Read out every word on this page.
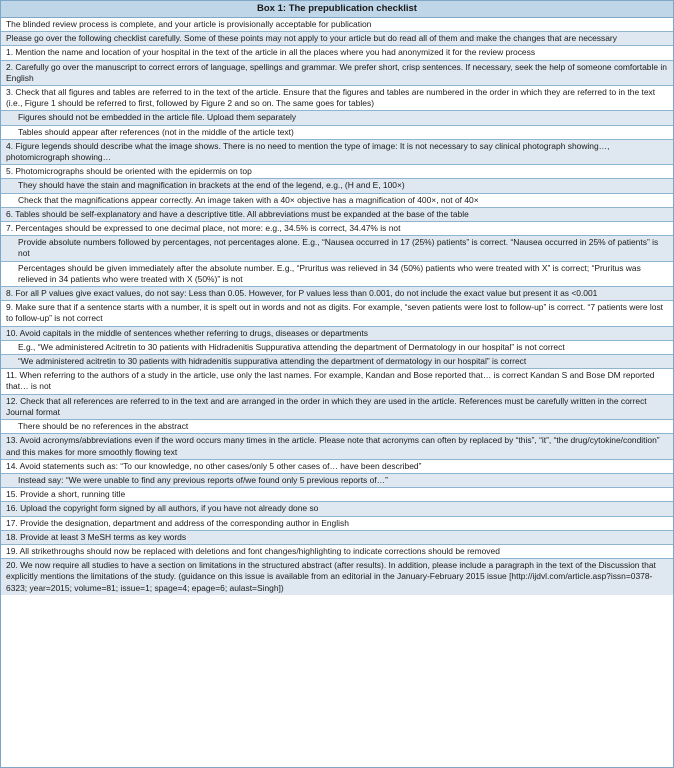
Box 1: The prepublication checklist
The blinded review process is complete, and your article is provisionally acceptable for publication
Please go over the following checklist carefully. Some of these points may not apply to your article but do read all of them and make the changes that are necessary
1. Mention the name and location of your hospital in the text of the article in all the places where you had anonymized it for the review process
2. Carefully go over the manuscript to correct errors of language, spellings and grammar. We prefer short, crisp sentences. If necessary, seek the help of someone comfortable in English
3. Check that all figures and tables are referred to in the text of the article. Ensure that the figures and tables are numbered in the order in which they are referred to in the text (i.e., Figure 1 should be referred to first, followed by Figure 2 and so on. The same goes for tables)
Figures should not be embedded in the article file. Upload them separately
Tables should appear after references (not in the middle of the article text)
4. Figure legends should describe what the image shows. There is no need to mention the type of image: It is not necessary to say clinical photograph showing…, photomicrograph showing…
5. Photomicrographs should be oriented with the epidermis on top
They should have the stain and magnification in brackets at the end of the legend, e.g., (H and E, 100×)
Check that the magnifications appear correctly. An image taken with a 40× objective has a magnification of 400×, not of 40×
6. Tables should be self-explanatory and have a descriptive title. All abbreviations must be expanded at the base of the table
7. Percentages should be expressed to one decimal place, not more: e.g., 34.5% is correct, 34.47% is not
Provide absolute numbers followed by percentages, not percentages alone. E.g., “Nausea occurred in 17 (25%) patients” is correct. “Nausea occurred in 25% of patients” is not
Percentages should be given immediately after the absolute number. E.g., “Pruritus was relieved in 34 (50%) patients who were treated with X” is correct; “Pruritus was relieved in 34 patients who were treated with X (50%)” is not
8. For all P values give exact values, do not say: Less than 0.05. However, for P values less than 0.001, do not include the exact value but present it as <0.001
9. Make sure that if a sentence starts with a number, it is spelt out in words and not as digits. For example, “seven patients were lost to follow-up” is correct. “7 patients were lost to follow-up” is not correct
10. Avoid capitals in the middle of sentences whether referring to drugs, diseases or departments
E.g., “We administered Acitretin to 30 patients with Hidradenitis Suppurativa attending the department of Dermatology in our hospital” is not correct
“We administered acitretin to 30 patients with hidradenitis suppurativa attending the department of dermatology in our hospital” is correct
11. When referring to the authors of a study in the article, use only the last names. For example, Kandan and Bose reported that… is correct Kandan S and Bose DM reported that… is not
12. Check that all references are referred to in the text and are arranged in the order in which they are used in the article. References must be carefully written in the correct Journal format
There should be no references in the abstract
13. Avoid acronyms/abbreviations even if the word occurs many times in the article. Please note that acronyms can often by replaced by “this”, “it”, “the drug/cytokine/condition” and this makes for more smoothly flowing text
14. Avoid statements such as: “To our knowledge, no other cases/only 5 other cases of… have been described”
Instead say: “We were unable to find any previous reports of/we found only 5 previous reports of…”
15. Provide a short, running title
16. Upload the copyright form signed by all authors, if you have not already done so
17. Provide the designation, department and address of the corresponding author in English
18. Provide at least 3 MeSH terms as key words
19. All strikethroughs should now be replaced with deletions and font changes/highlighting to indicate corrections should be removed
20. We now require all studies to have a section on limitations in the structured abstract (after results). In addition, please include a paragraph in the text of the Discussion that explicitly mentions the limitations of the study. (guidance on this issue is available from an editorial in the January-February 2015 issue [http://ijdvl.com/article.asp?issn=0378-6323; year=2015; volume=81; issue=1; spage=4; epage=6; aulast=Singh])
